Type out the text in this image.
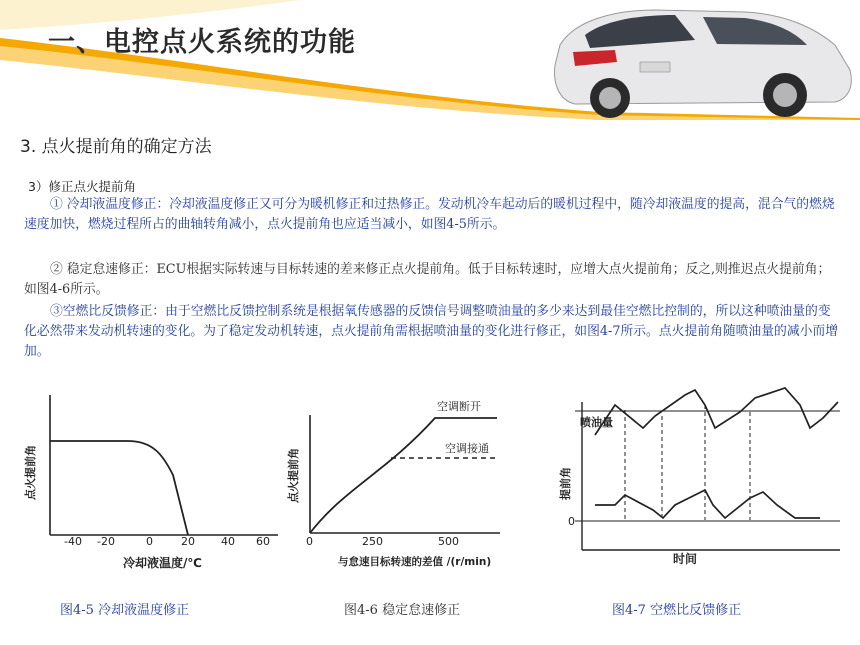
一、电控点火系统的功能
3. 点火提前角的确定方法
3）修正点火提前角

① 冷却液温度修正：冷却液温度修正又可分为暖机修正和过热修正。发动机冷车起动后的暖机过程中，随冷却液温度的提高，混合气的燃烧速度加快，燃烧过程所占的曲轴转角减小，点火提前角也应适当减小，如图4-5所示。

② 稳定怠速修正：ECU根据实际转速与目标转速的差来修正点火提前角。低于目标转速时，应增大点火提前角；反之,则推迟点火提前角；如图4-6所示。

③空燃比反馈修正：由于空燃比反馈控制系统是根据氧传感器的反馈信号调整喷油量的多少来达到最佳空燃比控制的，所以这种喷油量的变化必然带来发动机转速的变化。为了稳定发动机转速，点火提前角需根据喷油量的变化进行修正，如图4-7所示。点火提前角随喷油量的减小而增加。

点火提前角
-40 -20	0	20 40 60
冷却液温度/℃
空调断开
空调接通
点火提前角
0	250	500
与怠速目标转速的差值 /(r/min)
喷油量
提前角
0
时间
图4-5 冷却液温度修正	图4-6 稳定怠速修正	图4-7 空燃比反馈修正
